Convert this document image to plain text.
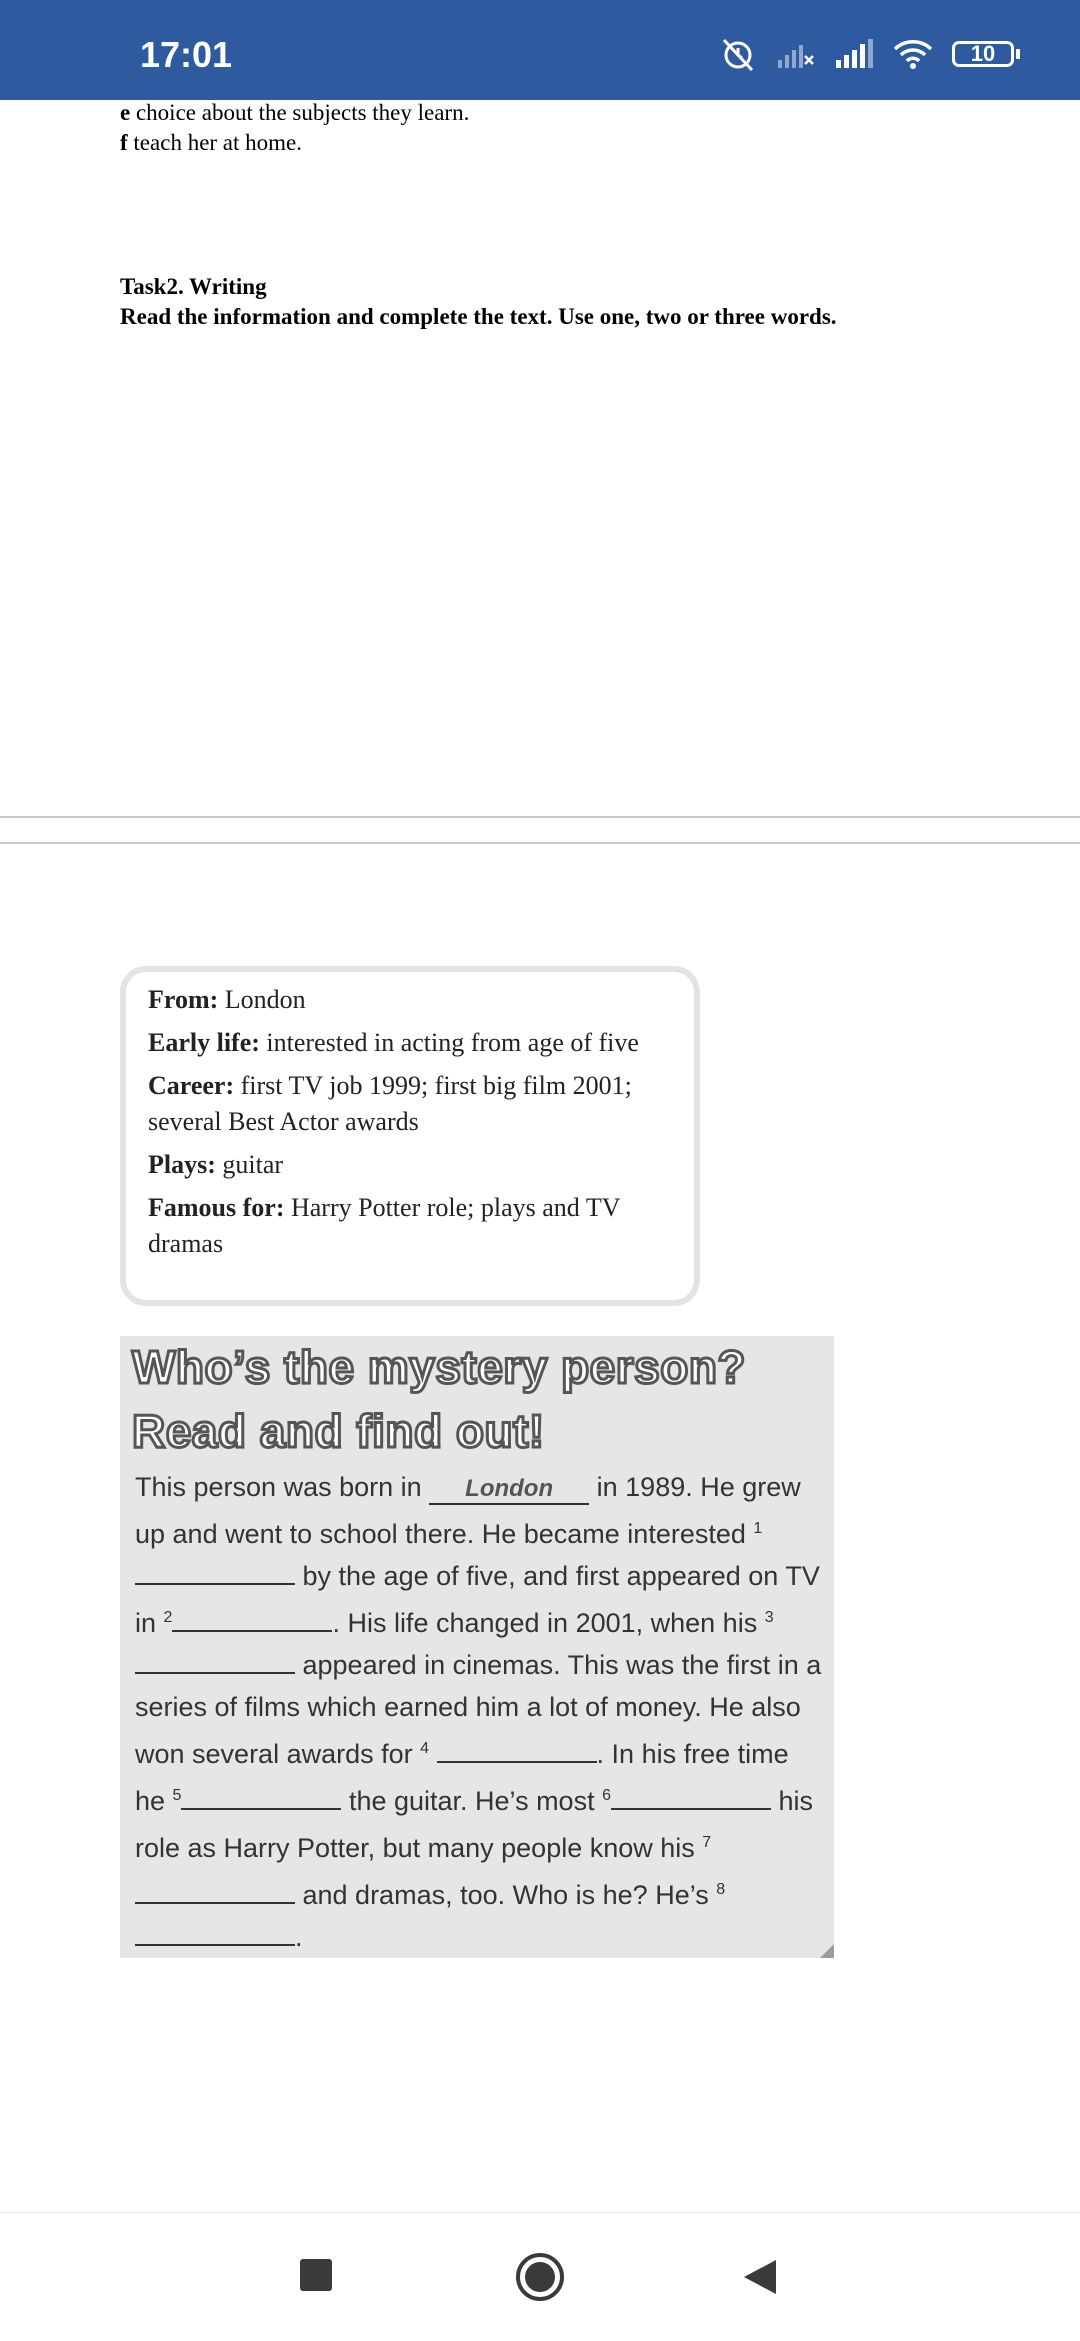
17:01	10
e choice about the subjects they learn.
f teach her at home.
Task2. Writing
Read the information and complete the text. Use one, two or three words.
From: London
Early life: interested in acting from age of five
Career: first TV job 1999; first big film 2001; several Best Actor awards
Plays: guitar
Famous for: Harry Potter role; plays and TV dramas
Who’s the mystery person?
Read and find out!
This person was born in London in 1989. He grew up and went to school there. He became interested $^1$ by the age of five, and first appeared on TV in $^2$	. His life changed in 2001, when his $^3$ appeared in cinemas. This was the first in a series of films which earned him a lot of money. He also won several awards for $^4$	. In his free time he $^5$	the guitar. He’s most $^6$	his role as Harry Potter, but many people know his $^7$ and dramas, too. Who is he? He’s $^8$.
